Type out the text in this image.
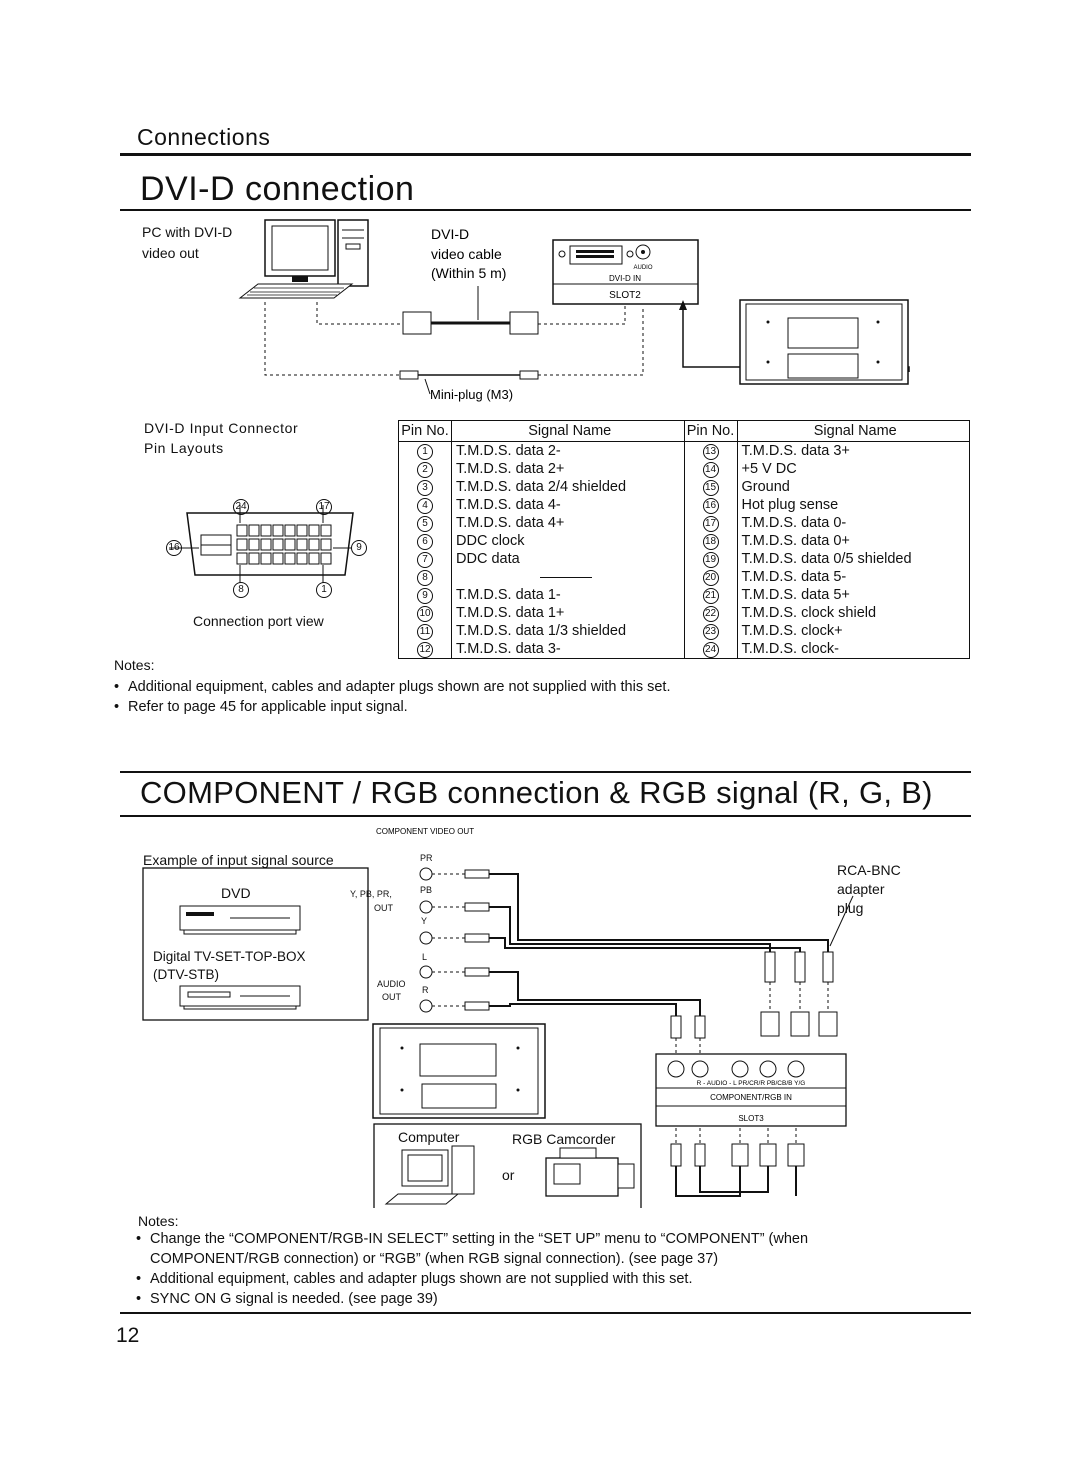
Connections
DVI-D connection
DVI-D
video cable
(Within 5 m)	AUDIO
DVI-D IN
SLOT2
Mini-plug (M3)
PC with DVI-D
video out
DVI-D Input Connector
Pin Layouts
24	17
16	9
8	1
Connection port view
Pin No.	Signal Name	Pin No.	Signal Name
1	T.M.D.S. data 2-	13	T.M.D.S. data 3+
2	T.M.D.S. data 2+	14	+5 V DC
3	T.M.D.S. data 2/4 shielded	15	Ground
4	T.M.D.S. data 4-	16	Hot plug sense
5	T.M.D.S. data 4+	17	T.M.D.S. data 0-
6	DDC clock	18	T.M.D.S. data 0+
7	DDC data	19	T.M.D.S. data 0/5 shielded
8		20	T.M.D.S. data 5-
9	T.M.D.S. data 1-	21	T.M.D.S. data 5+
10	T.M.D.S. data 1+	22	T.M.D.S. clock shield
11	T.M.D.S. data 1/3 shielded	23	T.M.D.S. clock+
12	T.M.D.S. data 3-	24	T.M.D.S. clock-
Notes:
• Additional equipment, cables and adapter plugs shown are not supplied with this set.
• Refer to page 45 for applicable input signal.
COMPONENT / RGB connection & RGB signal (R, G, B)
COMPONENT VIDEO OUT
R - AUDIO - L PR/CR/R PB/CB/B Y/G
COMPONENT/RGB IN
SLOT3
Example of input signal source
DVD
Digital TV-SET-TOP-BOX
(DTV-STB)
Y, PB, PR,
OUT
PR
PB
Y
AUDIO
OUT
L
R
RCA-BNC
adapter
plug
Computer	RGB Camcorder
or
Notes:
• Change the “COMPONENT/RGB-IN SELECT” setting in the “SET UP” menu to “COMPONENT” (when COMPONENT/RGB connection) or “RGB” (when RGB signal connection). (see page 37)
• Additional equipment, cables and adapter plugs shown are not supplied with this set.
• SYNC ON G signal is needed. (see page 39)
12
